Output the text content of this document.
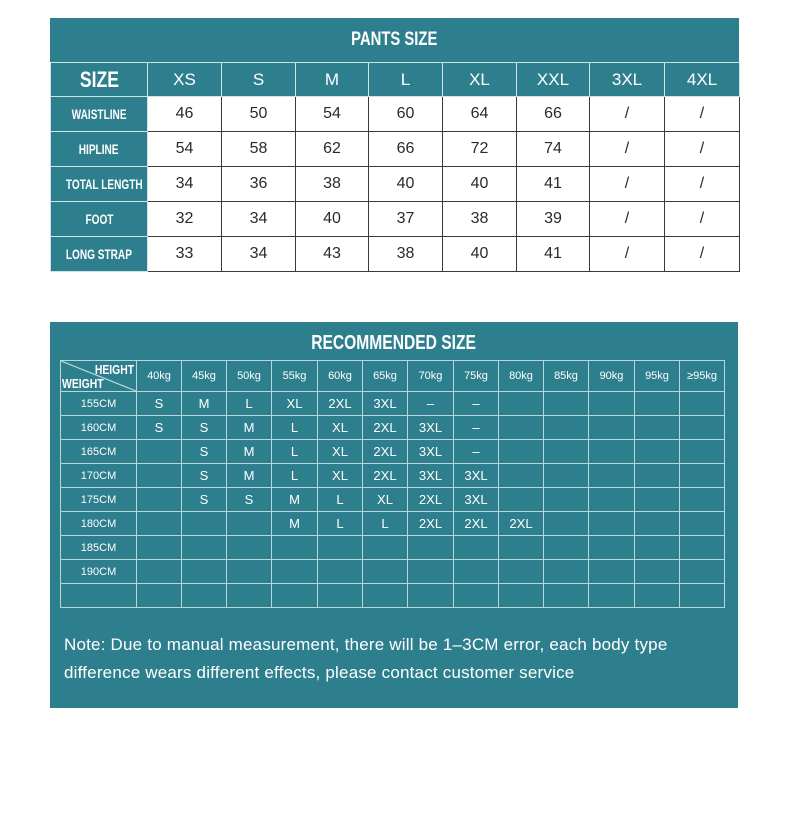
PANTS SIZE
SIZE	XS	S	M	L	XL	XXL	3XL	4XL
WAISTLINE	46	50	54	60	64	66	/	/
HIPLINE	54	58	62	66	72	74	/	/
TOTAL LENGTH	34	36	38	40	40	41	/	/
FOOT	32	34	40	37	38	39	/	/
LONG STRAP	33	34	43	38	40	41	/	/
RECOMMENDED SIZE
HEIGHT
WEIGHT	40kg	45kg	50kg	55kg	60kg	65kg	70kg	75kg	80kg	85kg	90kg	95kg	≥95kg
155CM	S	M	L	XL	2XL	3XL	–	–					
160CM	S	S	M	L	XL	2XL	3XL	–					
165CM		S	M	L	XL	2XL	3XL	–					
170CM		S	M	L	XL	2XL	3XL	3XL					
175CM		S	S	M	L	XL	2XL	3XL					
180CM				M	L	L	2XL	2XL	2XL				
185CM													
190CM													

Note: Due to manual measurement, there will be 1–3CM error, each body type difference wears different effects, please contact customer service
